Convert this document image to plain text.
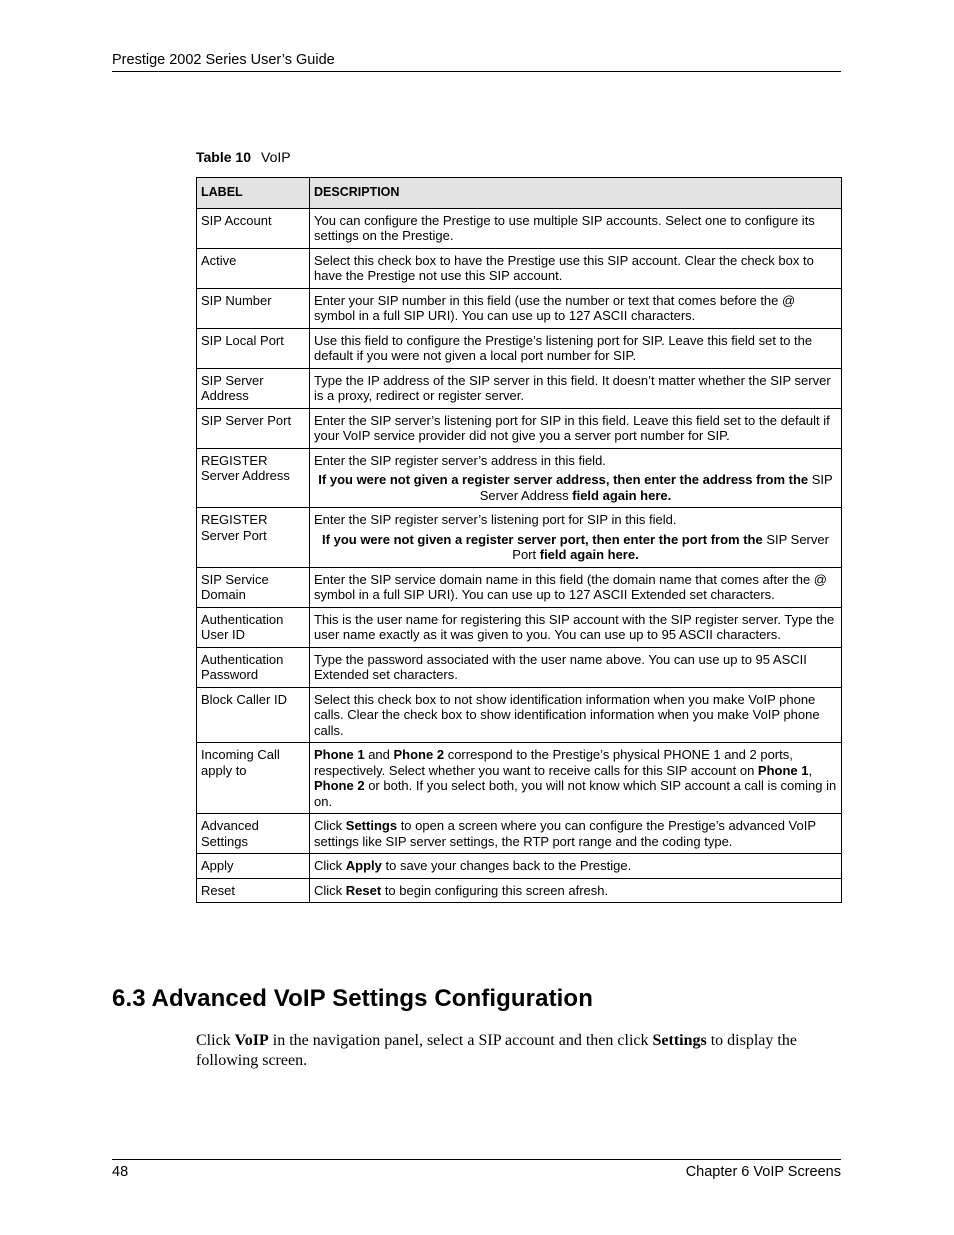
Prestige 2002 Series User’s Guide
Table 10 VoIP
LABEL	DESCRIPTION
SIP Account	You can configure the Prestige to use multiple SIP accounts. Select one to configure its settings on the Prestige.
Active	Select this check box to have the Prestige use this SIP account. Clear the check box to have the Prestige not use this SIP account.
SIP Number	Enter your SIP number in this field (use the number or text that comes before the @ symbol in a full SIP URI). You can use up to 127 ASCII characters.
SIP Local Port	Use this field to configure the Prestige’s listening port for SIP. Leave this field set to the default if you were not given a local port number for SIP.
SIP Server Address	Type the IP address of the SIP server in this field. It doesn’t matter whether the SIP server is a proxy, redirect or register server.
SIP Server Port	Enter the SIP server’s listening port for SIP in this field. Leave this field set to the default if your VoIP service provider did not give you a server port number for SIP.
REGISTER Server Address	Enter the SIP register server’s address in this field.
If you were not given a register server address, then enter the address from the SIP Server Address field again here.

REGISTER Server Port	Enter the SIP register server’s listening port for SIP in this field.
If you were not given a register server port, then enter the port from the SIP Server Port field again here.

SIP Service Domain	Enter the SIP service domain name in this field (the domain name that comes after the @ symbol in a full SIP URI). You can use up to 127 ASCII Extended set characters.
Authentication User ID	This is the user name for registering this SIP account with the SIP register server. Type the user name exactly as it was given to you. You can use up to 95 ASCII characters.
Authentication Password	Type the password associated with the user name above. You can use up to 95 ASCII Extended set characters.
Block Caller ID	Select this check box to not show identification information when you make VoIP phone calls. Clear the check box to show identification information when you make VoIP phone calls.
Incoming Call apply to	Phone 1 and Phone 2 correspond to the Prestige’s physical PHONE 1 and 2 ports, respectively. Select whether you want to receive calls for this SIP account on Phone 1, Phone 2 or both. If you select both, you will not know which SIP account a call is coming in on.
Advanced Settings	Click Settings to open a screen where you can configure the Prestige’s advanced VoIP settings like SIP server settings, the RTP port range and the coding type.
Apply	Click Apply to save your changes back to the Prestige.
Reset	Click Reset to begin configuring this screen afresh.
6.3 Advanced VoIP Settings Configuration

Click VoIP in the navigation panel, select a SIP account and then click Settings to display the following screen.

48	Chapter 6 VoIP Screens
